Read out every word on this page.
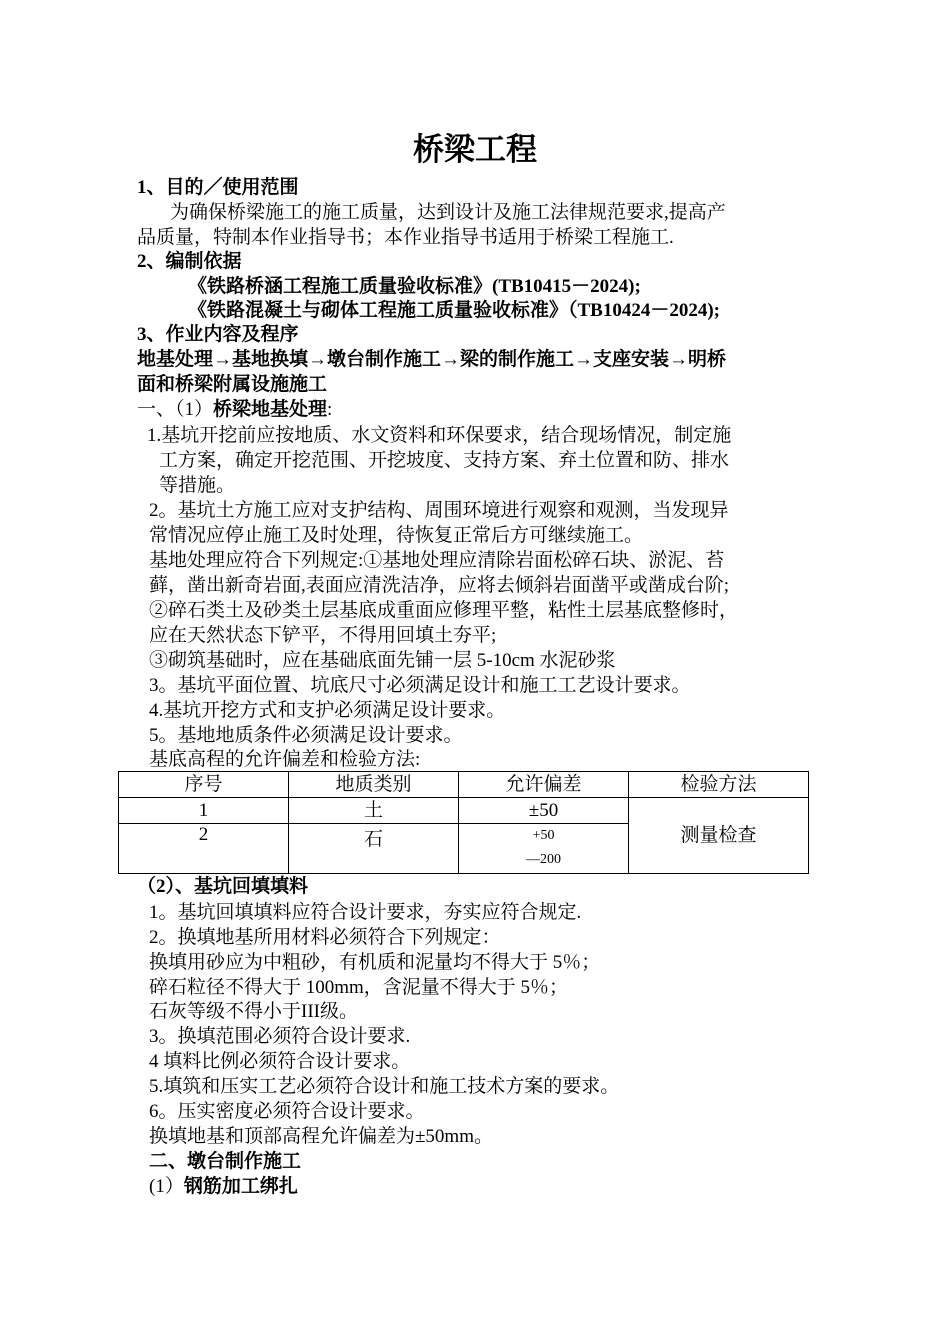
桥梁工程
1、目的／使用范围
为确保桥梁施工的施工质量，达到设计及施工法律规范要求,提高产
品质量，特制本作业指导书；本作业指导书适用于桥梁工程施工.
2、编制依据
《铁路桥涵工程施工质量验收标准》(TB10415－2024);
《铁路混凝土与砌体工程施工质量验收标准》（TB10424－2024);
3、作业内容及程序
地基处理→基地换填→墩台制作施工→梁的制作施工→支座安装→明桥
面和桥梁附属设施施工
一、（1）桥梁地基处理:
1.基坑开挖前应按地质、水文资料和环保要求，结合现场情况，制定施
工方案，确定开挖范围、开挖坡度、支持方案、弃土位置和防、排水
等措施。
2。基坑土方施工应对支护结构、周围环境进行观察和观测，当发现异
常情况应停止施工及时处理，待恢复正常后方可继续施工。
基地处理应符合下列规定:①基地处理应清除岩面松碎石块、淤泥、苔
藓，凿出新奇岩面,表面应清洗洁净，应将去倾斜岩面凿平或凿成台阶;
②碎石类土及砂类土层基底成重面应修理平整，粘性土层基底整修时，
应在天然状态下铲平，不得用回填土夯平;
③砌筑基础时，应在基础底面先铺一层 5-10cm 水泥砂浆
3。基坑平面位置、坑底尺寸必须满足设计和施工工艺设计要求。
4.基坑开挖方式和支护必须满足设计要求。
5。基地地质条件必须满足设计要求。
基底高程的允许偏差和检验方法:
序号	地质类别	允许偏差	检验方法
1	土	±50	测量检查
2	石	+50
—200	
（2）、基坑回填填料
1。基坑回填填料应符合设计要求，夯实应符合规定.
2。换填地基所用材料必须符合下列规定：
换填用砂应为中粗砂，有机质和泥量均不得大于 5％；
碎石粒径不得大于 100mm，含泥量不得大于 5％；
石灰等级不得小于III级。
3。换填范围必须符合设计要求.
4 填料比例必须符合设计要求。
5.填筑和压实工艺必须符合设计和施工技术方案的要求。
6。压实密度必须符合设计要求。
换填地基和顶部高程允许偏差为±50mm。
二、墩台制作施工
(1）钢筋加工绑扎
